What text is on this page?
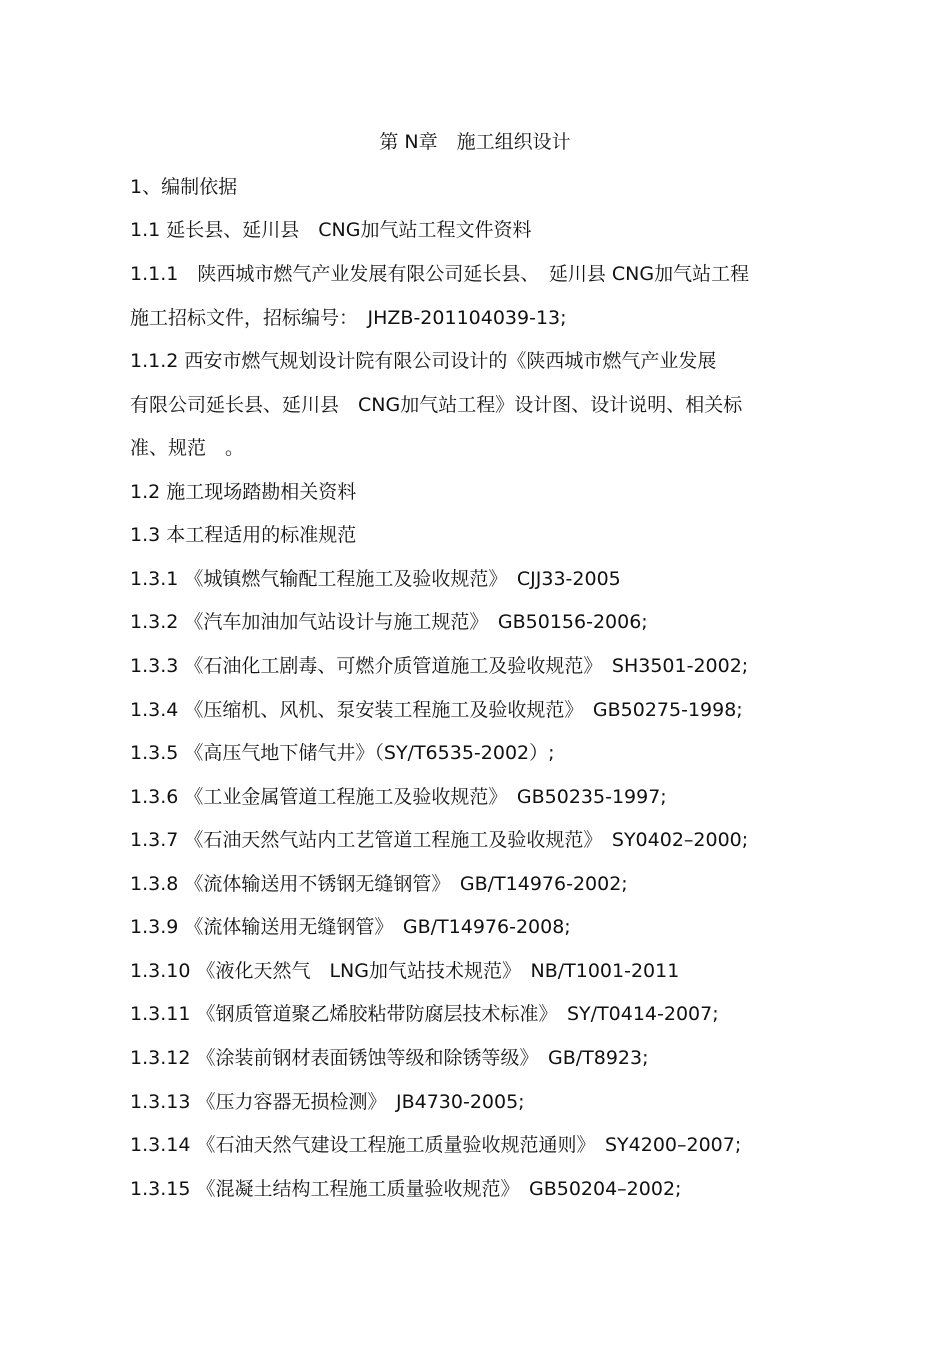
第 N章　施工组织设计
1、编制依据
1.1 延长县、延川县　CNG加气站工程文件资料
1.1.1　陕西城市燃气产业发展有限公司延长县、　延川县 CNG加气站工程
施工招标文件，招标编号：　JHZB-201104039-13;
1.1.2 西安市燃气规划设计院有限公司设计的《陕西城市燃气产业发展
有限公司延长县、延川县　CNG加气站工程》设计图、设计说明、相关标
准、规范　。
1.2 施工现场踏勘相关资料
1.3 本工程适用的标准规范
1.3.1 《城镇燃气输配工程施工及验收规范》　CJJ33-2005
1.3.2 《汽车加油加气站设计与施工规范》　GB50156-2006;
1.3.3 《石油化工剧毒、可燃介质管道施工及验收规范》　SH3501-2002;
1.3.4 《压缩机、风机、泵安装工程施工及验收规范》　GB50275-1998;
1.3.5 《高压气地下储气井》（SY/T6535-2002）;
1.3.6 《工业金属管道工程施工及验收规范》　GB50235-1997;
1.3.7 《石油天然气站内工艺管道工程施工及验收规范》　SY0402–2000;
1.3.8 《流体输送用不锈钢无缝钢管》　GB/T14976-2002;
1.3.9 《流体输送用无缝钢管》　GB/T14976-2008;
1.3.10 《液化天然气　LNG加气站技术规范》　NB/T1001-2011
1.3.11 《钢质管道聚乙烯胶粘带防腐层技术标准》　SY/T0414-2007;
1.3.12 《涂装前钢材表面锈蚀等级和除锈等级》　GB/T8923;
1.3.13 《压力容器无损检测》　JB4730-2005;
1.3.14 《石油天然气建设工程施工质量验收规范通则》　SY4200–2007;
1.3.15 《混凝土结构工程施工质量验收规范》　GB50204–2002;
